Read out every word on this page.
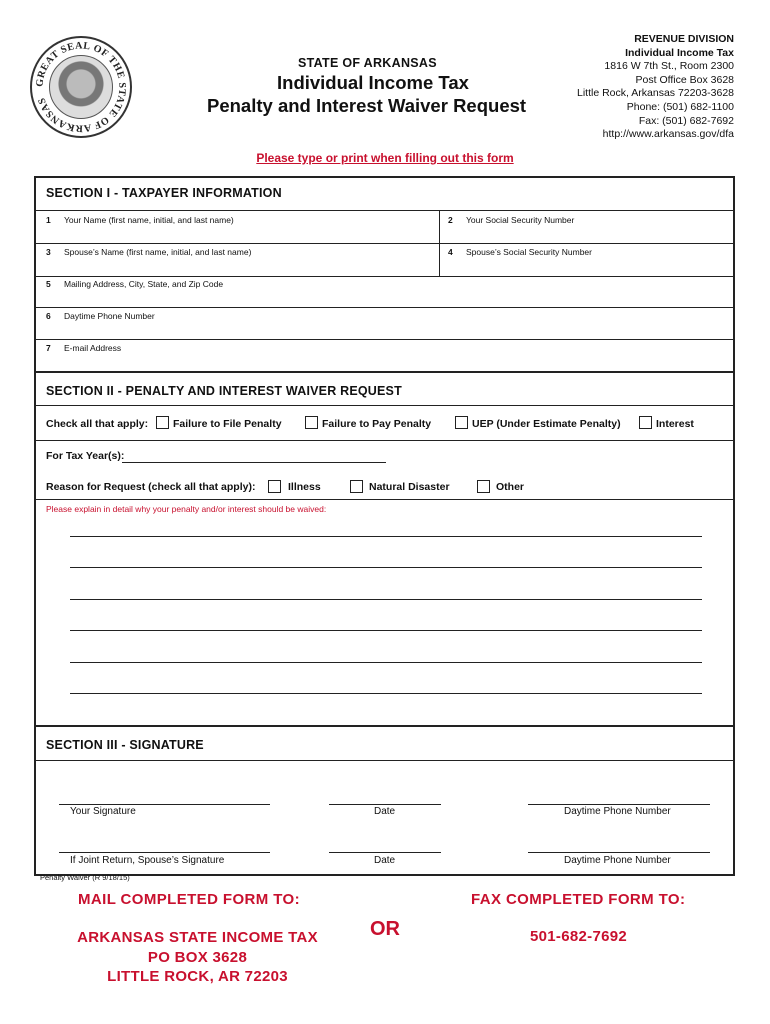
GREAT SEAL OF THE STATE OF ARKANSAS
STATE OF ARKANSAS
Individual Income Tax
Penalty and Interest Waiver Request
REVENUE DIVISION
Individual Income Tax
1816 W 7th St., Room 2300
Post Office Box 3628
Little Rock, Arkansas 72203-3628
Phone: (501) 682-1100
Fax: (501) 682-7692
http://www.arkansas.gov/dfa
Please type or print when filling out this form
SECTION I - TAXPAYER INFORMATION
1 Your Name (first name, initial, and last name)	2 Your Social Security Number
3 Spouse’s Name (first name, initial, and last name)	4 Spouse’s Social Security Number
5 Mailing Address, City, State, and Zip Code
6 Daytime Phone Number
7 E-mail Address
SECTION II - PENALTY AND INTEREST WAIVER REQUEST
Check all that apply: Failure to File Penalty	Failure to Pay Penalty	UEP (Under Estimate Penalty)	Interest
For Tax Year(s):
Reason for Request (check all that apply):	Illness	Natural Disaster	Other
Please explain in detail why your penalty and/or interest should be waived:
SECTION III - SIGNATURE
Your Signature	Date	Daytime Phone Number
If Joint Return, Spouse’s Signature	Date	Daytime Phone Number
Penalty Waiver (R 9/18/15)
MAIL COMPLETED FORM TO:	FAX COMPLETED FORM TO:
OR
ARKANSAS STATE INCOME TAX
PO BOX 3628
LITTLE ROCK, AR 72203
501-682-7692
